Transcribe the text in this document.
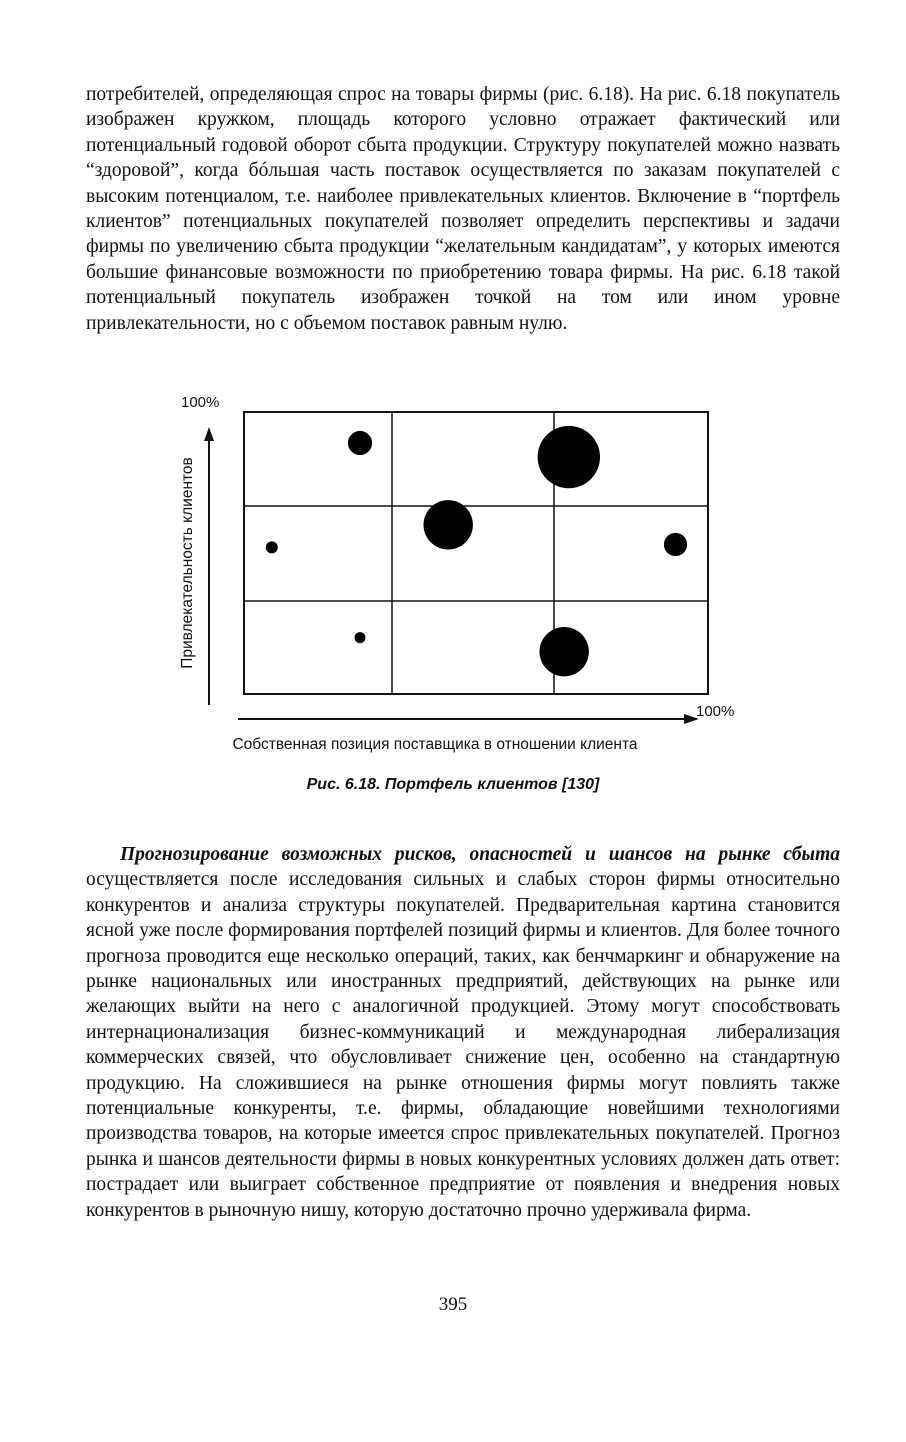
потребителей, определяющая спрос на товары фирмы (рис. 6.18). На рис. 6.18 покупатель изображен кружком, площадь которого условно отражает фактический или потенциальный годовой оборот сбыта продукции. Структуру покупателей можно назвать “здоровой”, когда бóльшая часть поставок осуществляется по заказам покупателей с высоким потенциалом, т.е. наиболее привлекательных клиентов. Включение в “портфель клиентов” потенциальных покупателей позволяет определить перспективы и задачи фирмы по увеличению сбыта продукции “желательным кандидатам”, у которых имеются большие финансовые возможности по приобретению товара фирмы. На рис. 6.18 такой потенциальный покупатель изображен точкой на том или ином уровне привлекательности, но с объемом поставок равным нулю.

100%
Привлекательность клиентов
100%
Собственная позиция поставщика в отношении клиента
Рис. 6.18. Портфель клиентов [130]

Прогнозирование возможных рисков, опасностей и шансов на рынке сбыта осуществляется после исследования сильных и слабых сторон фирмы относительно конкурентов и анализа структуры покупателей. Предварительная картина становится ясной уже после формирования портфелей позиций фирмы и клиентов. Для более точного прогноза проводится еще несколько операций, таких, как бенчмаркинг и обнаружение на рынке национальных или иностранных предприятий, действующих на рынке или желающих выйти на него с аналогичной продукцией. Этому могут способствовать интернационализация бизнес-коммуникаций и международная либерализация коммерческих связей, что обусловливает снижение цен, особенно на стандартную продукцию. На сложившиеся на рынке отношения фирмы могут повлиять также потенциальные конкуренты, т.е. фирмы, обладающие новейшими технологиями производства товаров, на которые имеется спрос привлекательных покупателей. Прогноз рынка и шансов деятельности фирмы в новых конкурентных условиях должен дать ответ: пострадает или выиграет собственное предприятие от появления и внедрения новых конкурентов в рыночную нишу, которую достаточно прочно удерживала фирма.

395
